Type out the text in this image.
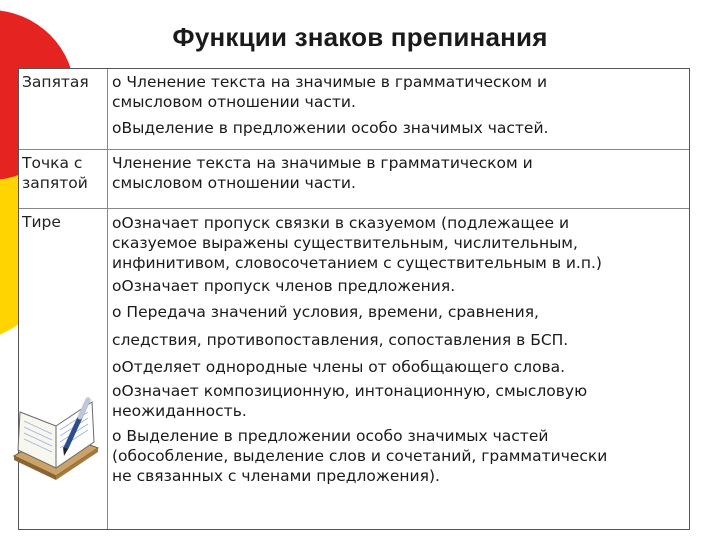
Функции знаков препинания
Запятая	o Членение текста на значимые в грамматическом и
смысловом отношении части.
oВыделение в предложении особо значимых частей.
Точка с
запятой
Членение текста на значимые в грамматическом и
смысловом отношении части.
Тире	oОзначает пропуск связки в сказуемом (подлежащее и
сказуемое выражены существительным, числительным,
инфинитивом, словосочетанием с существительным в и.п.)
oОзначает пропуск членов предложения.
o Передача значений условия, времени, сравнения,
следствия, противопоставления, сопоставления в БСП.
oОтделяет однородные члены от обобщающего слова.
oОзначает композиционную, интонационную, смысловую
неожиданность.
o Выделение в предложении особо значимых частей
(обособление, выделение слов и сочетаний, грамматически
не связанных с членами предложения).
